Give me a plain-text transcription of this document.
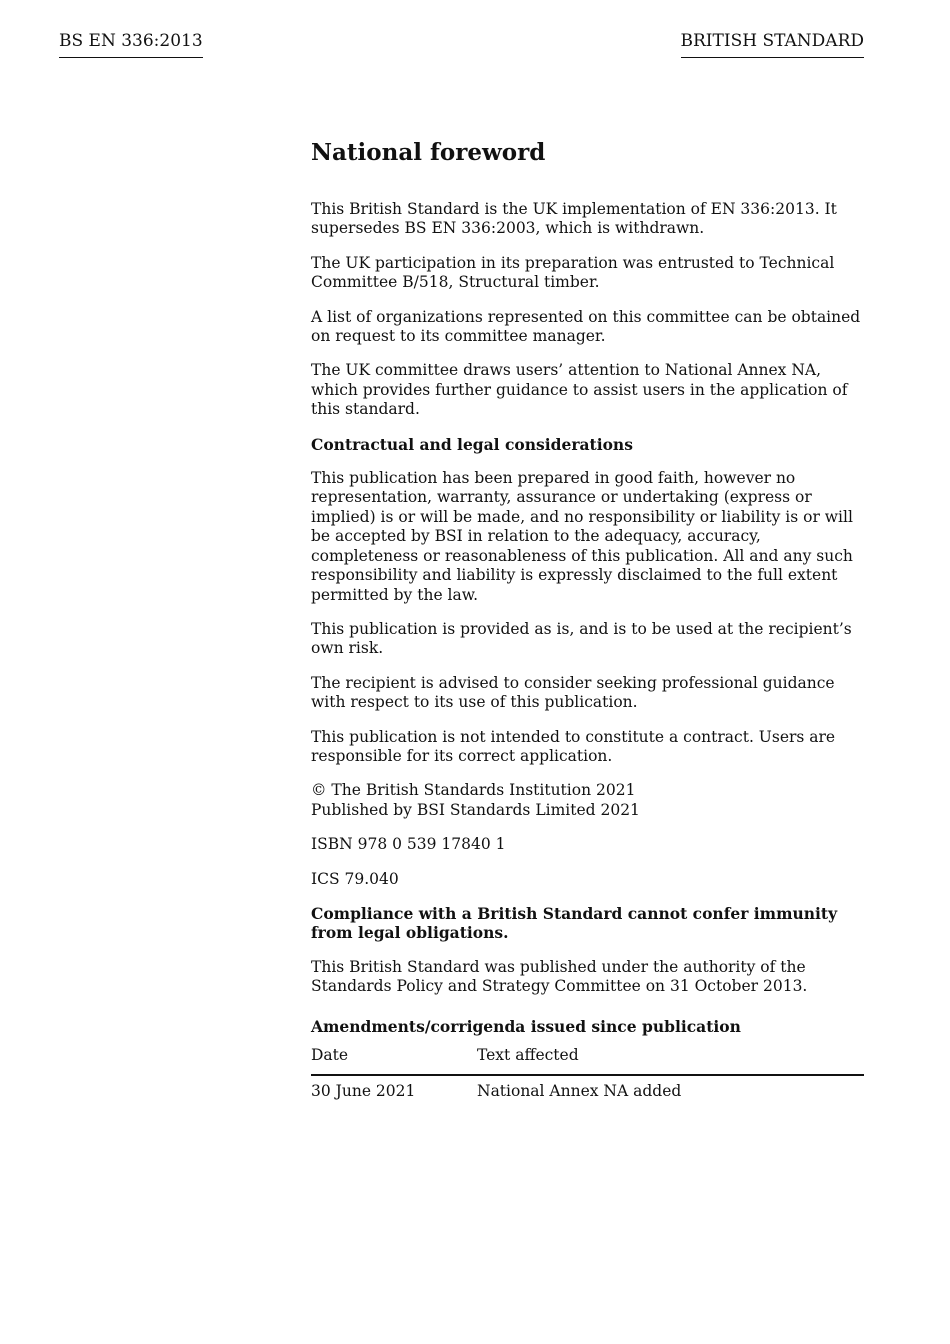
BS EN 336:2013	BRITISH STANDARD
National foreword

This British Standard is the UK implementation of EN 336:2013. It supersedes BS EN 336:2003, which is withdrawn.

The UK participation in its preparation was entrusted to Technical Committee B/518, Structural timber.

A list of organizations represented on this committee can be obtained on request to its committee manager.

The UK committee draws users’ attention to National Annex NA, which provides further guidance to assist users in the application of this standard.

Contractual and legal considerations

This publication has been prepared in good faith, however no representation, warranty, assurance or undertaking (express or implied) is or will be made, and no responsibility or liability is or will be accepted by BSI in relation to the adequacy, accuracy, completeness or reasonableness of this publication. All and any such responsibility and liability is expressly disclaimed to the full extent permitted by the law.

This publication is provided as is, and is to be used at the recipient’s own risk.

The recipient is advised to consider seeking professional guidance with respect to its use of this publication.

This publication is not intended to constitute a contract. Users are responsible for its correct application.

© The British Standards Institution 2021
Published by BSI Standards Limited 2021

ISBN 978 0 539 17840 1

ICS 79.040

Compliance with a British Standard cannot confer immunity from legal obligations.

This British Standard was published under the authority of the Standards Policy and Strategy Committee on 31 October 2013.

Amendments/corrigenda issued since publication
Date	Text affected
30 June 2021	National Annex NA added
